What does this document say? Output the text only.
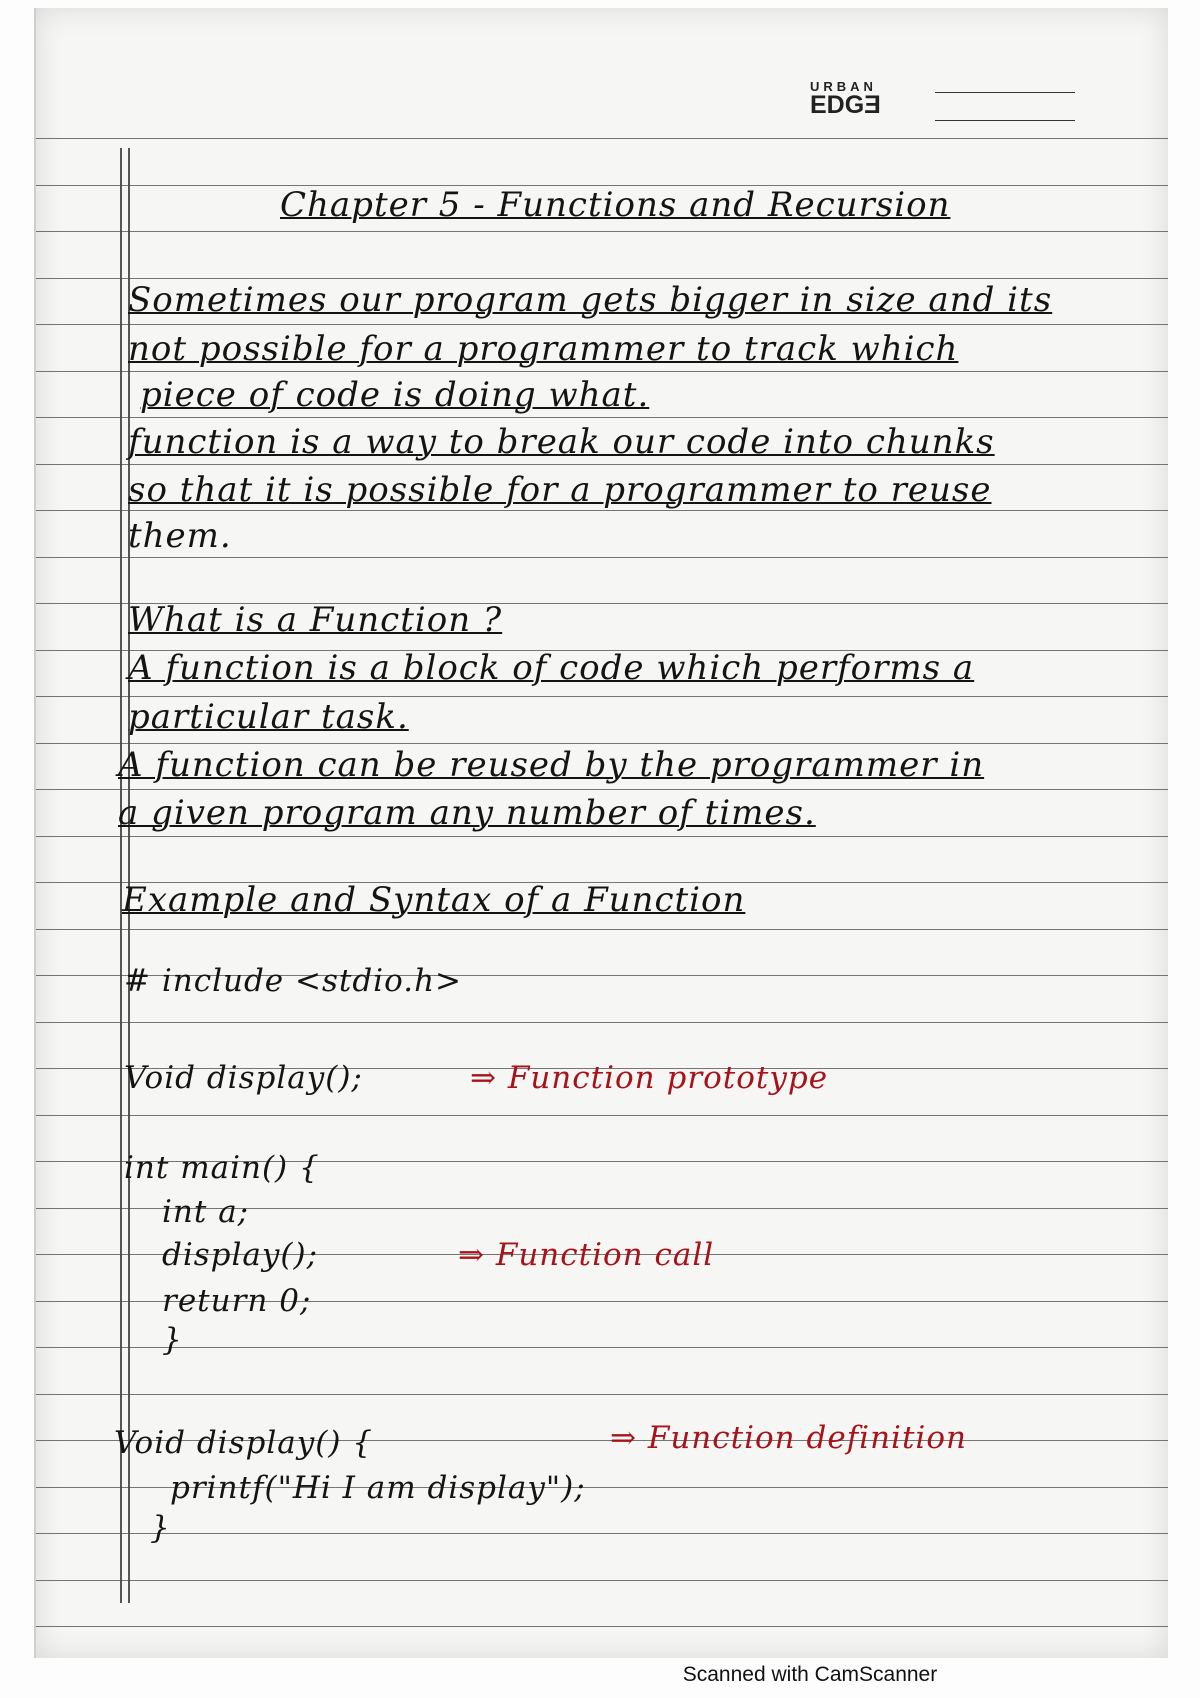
URBAN
EDGƎ
Chapter 5 - Functions and Recursion
Sometimes our program gets bigger in size and its
not possible for a programmer to track which
piece of code is doing what.
function is a way to break our code into chunks
so that it is possible for a programmer to reuse
them.
What is a Function ?
A function is a block of code which performs a
particular task.
A function can be reused by the programmer in
a given program any number of times.
Example and Syntax of a Function
# include <stdio.h>
Void display();	⇒ Function prototype
int main() {
int a;
display();	⇒ Function call
return 0;
}
Void display() {	⇒ Function definition
printf("Hi I am display");
}
Scanned with CamScanner
